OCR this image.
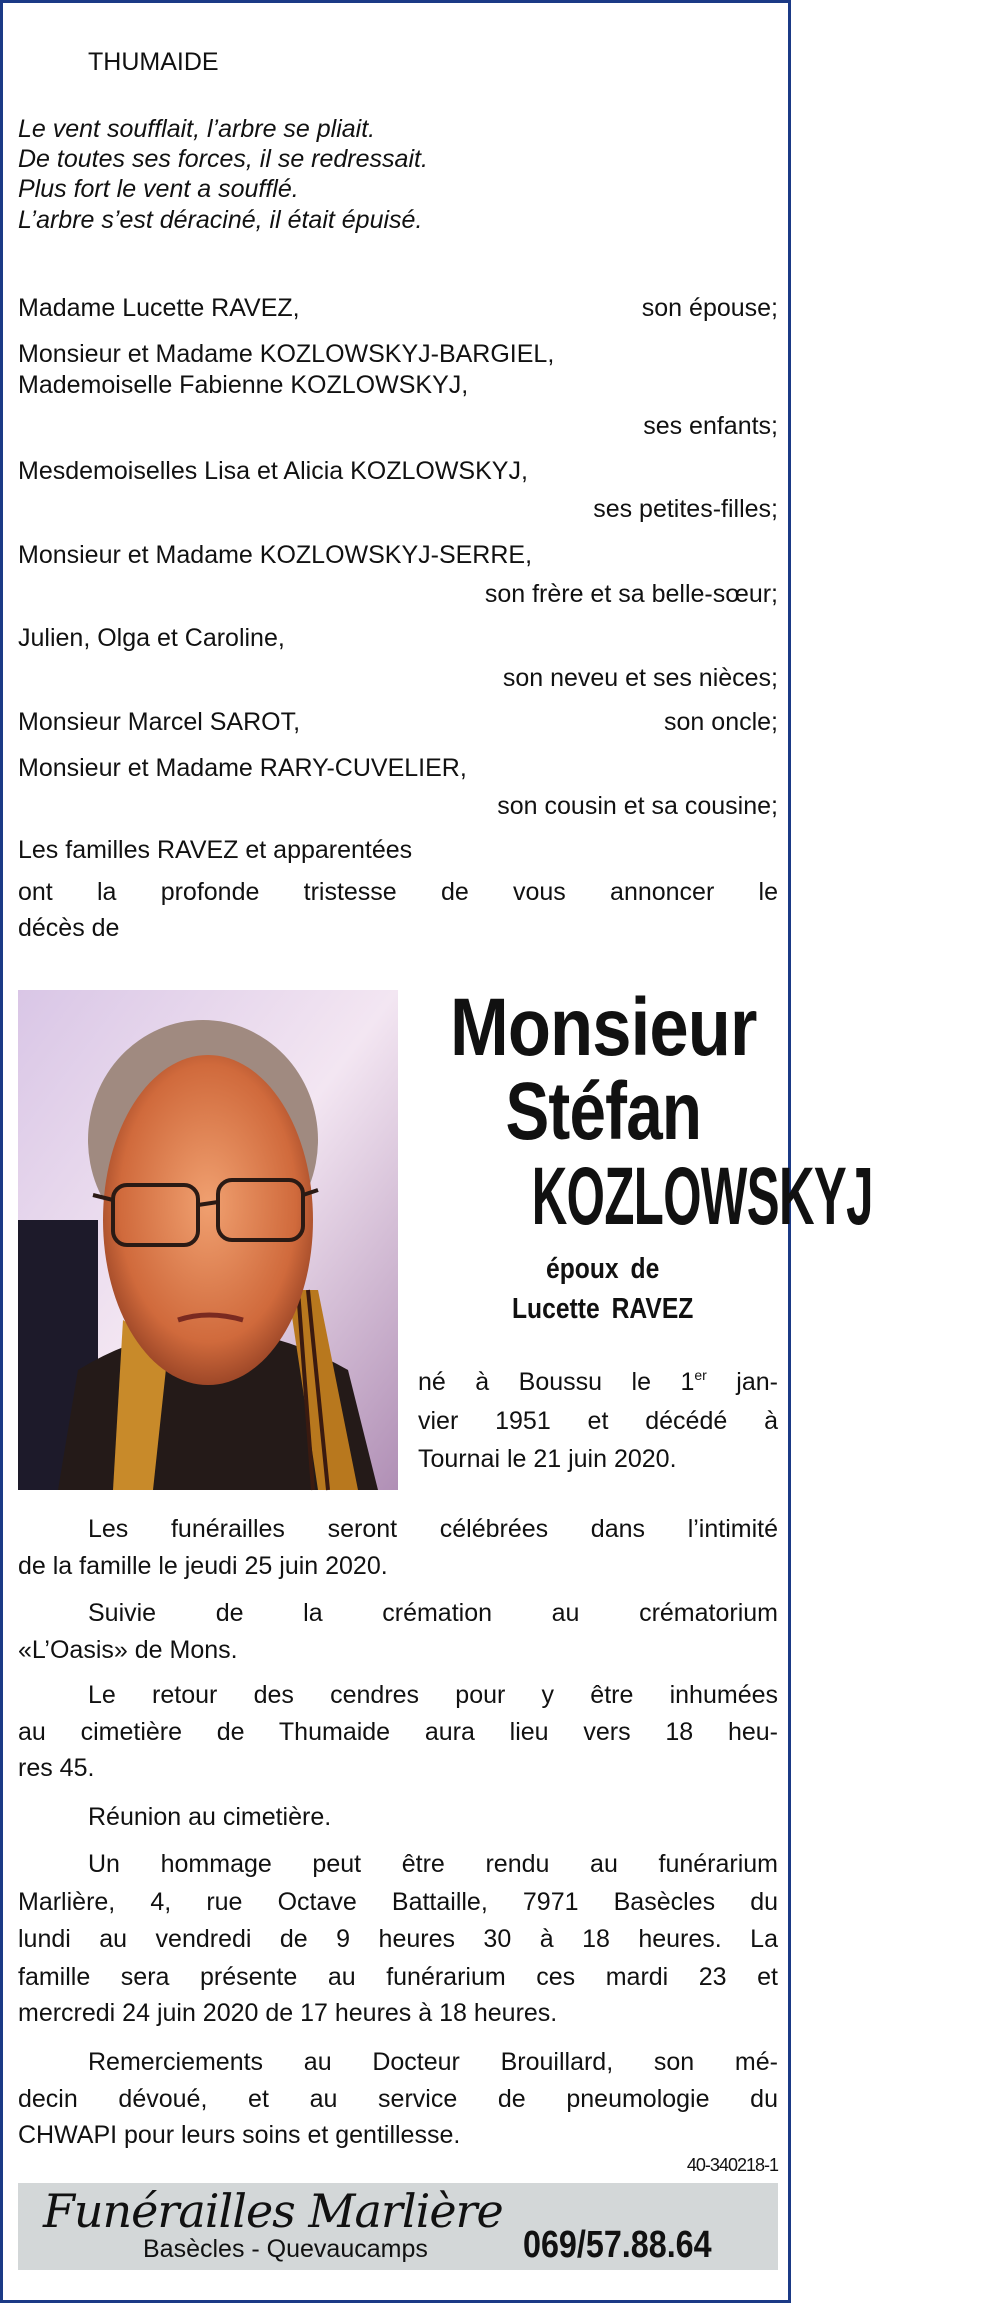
THUMAIDE
Le vent soufflait, l’arbre se pliait.
De toutes ses forces, il se redressait.
Plus fort le vent a soufflé.
L’arbre s’est déraciné, il était épuisé.
Madame Lucette RAVEZ,	son épouse;
Monsieur et Madame KOZLOWSKYJ-BARGIEL,
Mademoiselle Fabienne KOZLOWSKYJ,
ses enfants;
Mesdemoiselles Lisa et Alicia KOZLOWSKYJ,
ses petites-filles;
Monsieur et Madame KOZLOWSKYJ-SERRE,
son frère et sa belle-sœur;
Julien, Olga et Caroline,
son neveu et ses nièces;
Monsieur Marcel SAROT,	son oncle;
Monsieur et Madame RARY-CUVELIER,
son cousin et sa cousine;
Les familles RAVEZ et apparentées
ont la profonde tristesse de vous annoncer le
décès de
Monsieur
Stéfan
KOZLOWSKYJ
époux de
Lucette RAVEZ
né à Boussu le 1er jan-
vier 1951 et décédé à
Tournai le 21 juin 2020.
Les funérailles seront célébrées dans l’intimité
de la famille le jeudi 25 juin 2020.
Suivie de la crémation au crématorium
«L’Oasis» de Mons.
Le retour des cendres pour y être inhumées
au cimetière de Thumaide aura lieu vers 18 heu-
res 45.
Réunion au cimetière.
Un hommage peut être rendu au funérarium
Marlière, 4, rue Octave Battaille, 7971 Basècles du
lundi au vendredi de 9 heures 30 à 18 heures. La
famille sera présente au funérarium ces mardi 23 et
mercredi 24 juin 2020 de 17 heures à 18 heures.
Remerciements au Docteur Brouillard, son mé-
decin dévoué, et au service de pneumologie du
CHWAPI pour leurs soins et gentillesse.
40-340218-1
Funérailles Marlière
Basècles - Quevaucamps	069/57.88.64
